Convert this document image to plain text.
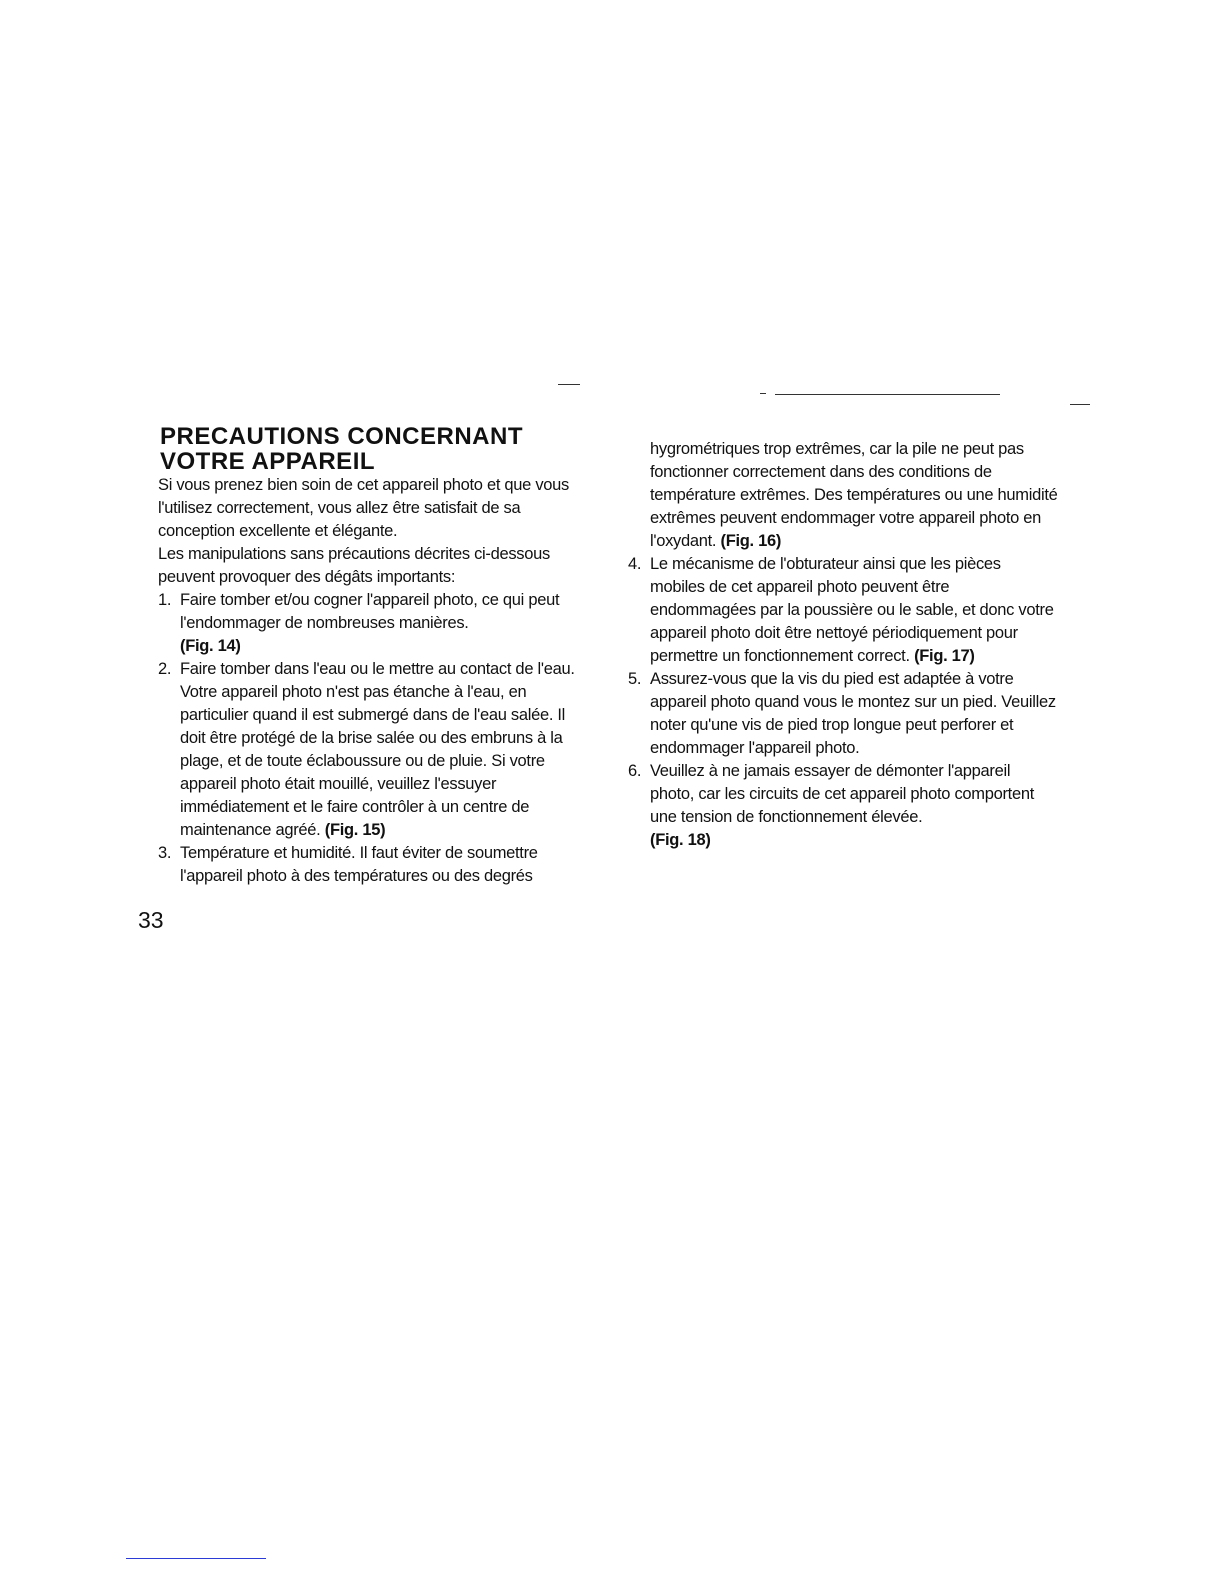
PRECAUTIONS CONCERNANT
VOTRE APPAREIL

Si vous prenez bien soin de cet appareil photo et que vous l'utilisez correctement, vous allez être satisfait de sa conception excellente et élégante.

Les manipulations sans précautions décrites ci-dessous peuvent provoquer des dégâts importants:

1. Faire tomber et/ou cogner l'appareil photo, ce qui peut l'endommager de nombreuses manières.
(Fig. 14)
2. Faire tomber dans l'eau ou le mettre au contact de l'eau. Votre appareil photo n'est pas étanche à l'eau, en particulier quand il est submergé dans de l'eau salée. Il doit être protégé de la brise salée ou des embruns à la plage, et de toute éclaboussure ou de pluie. Si votre appareil photo était mouillé, veuillez l'essuyer immédiatement et le faire contrôler à un centre de maintenance agréé. (Fig. 15)
3. Température et humidité. Il faut éviter de soumettre l'appareil photo à des températures ou des degrés
33

hygrométriques trop extrêmes, car la pile ne peut pas fonctionner correctement dans des conditions de température extrêmes. Des températures ou une humidité extrêmes peuvent endommager votre appareil photo en l'oxydant. (Fig. 16)

4. Le mécanisme de l'obturateur ainsi que les pièces mobiles de cet appareil photo peuvent être endommagées par la poussière ou le sable, et donc votre appareil photo doit être nettoyé périodiquement pour permettre un fonctionnement correct. (Fig. 17)
5. Assurez-vous que la vis du pied est adaptée à votre appareil photo quand vous le montez sur un pied. Veuillez noter qu'une vis de pied trop longue peut perforer et endommager l'appareil photo.
6. Veuillez à ne jamais essayer de démonter l'appareil photo, car les circuits de cet appareil photo comportent une tension de fonctionnement élevée.
(Fig. 18)
